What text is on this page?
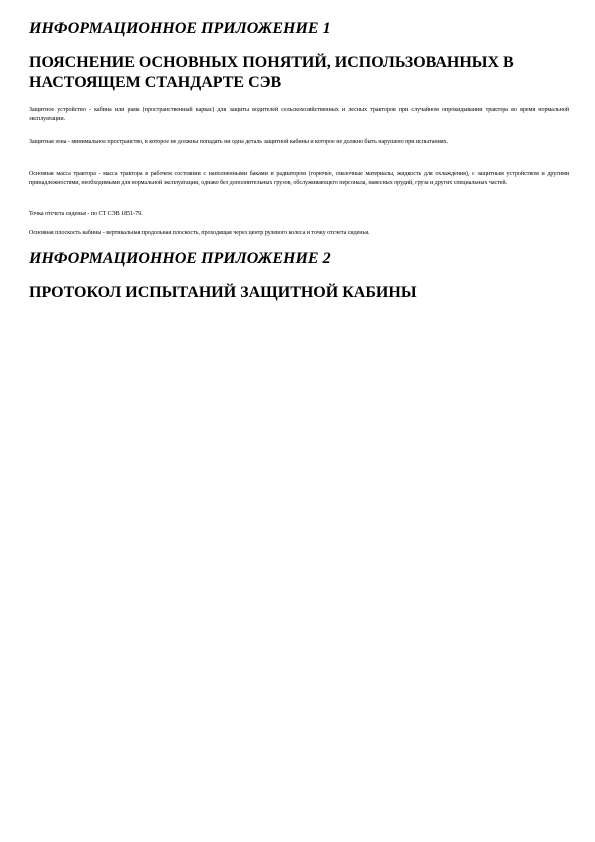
ИНФОРМАЦИОННОЕ ПРИЛОЖЕНИЕ 1
ПОЯСНЕНИЕ ОСНОВНЫХ ПОНЯТИЙ, ИСПОЛЬЗОВАННЫХ В НАСТОЯЩЕМ СТАНДАРТЕ СЭВ

Защитное устройство - кабина или рама (пространственный каркас) для защиты водителей сельскохозяйственных и лесных тракторов при случайном опрокидывании трактора во время нормальной эксплуатации.

Защитная зона - минимальное пространство, в которое не должны попадать ни одна деталь защитной кабины и которое не должно быть нарушено при испытаниях.

Основная масса трактора - масса трактора в рабочем состоянии с наполненными баками и радиатором (горючее, смазочные материалы, жидкость для охлаждения), с защитным устройством и другими принадлежностями, необходимыми для нормальной эксплуатации, однако без дополнительных грузов, обслуживающего персонала, навесных орудий, груза и других специальных частей.

Точка отсчета сиденья - по СТ СЭВ 1851-79.

Основная плоскость кабины - вертикальная продольная плоскость, проходящая через центр рулевого колеса и точку отсчета сиденья.

ИНФОРМАЦИОННОЕ ПРИЛОЖЕНИЕ 2
ПРОТОКОЛ ИСПЫТАНИЙ ЗАЩИТНОЙ КАБИНЫ
